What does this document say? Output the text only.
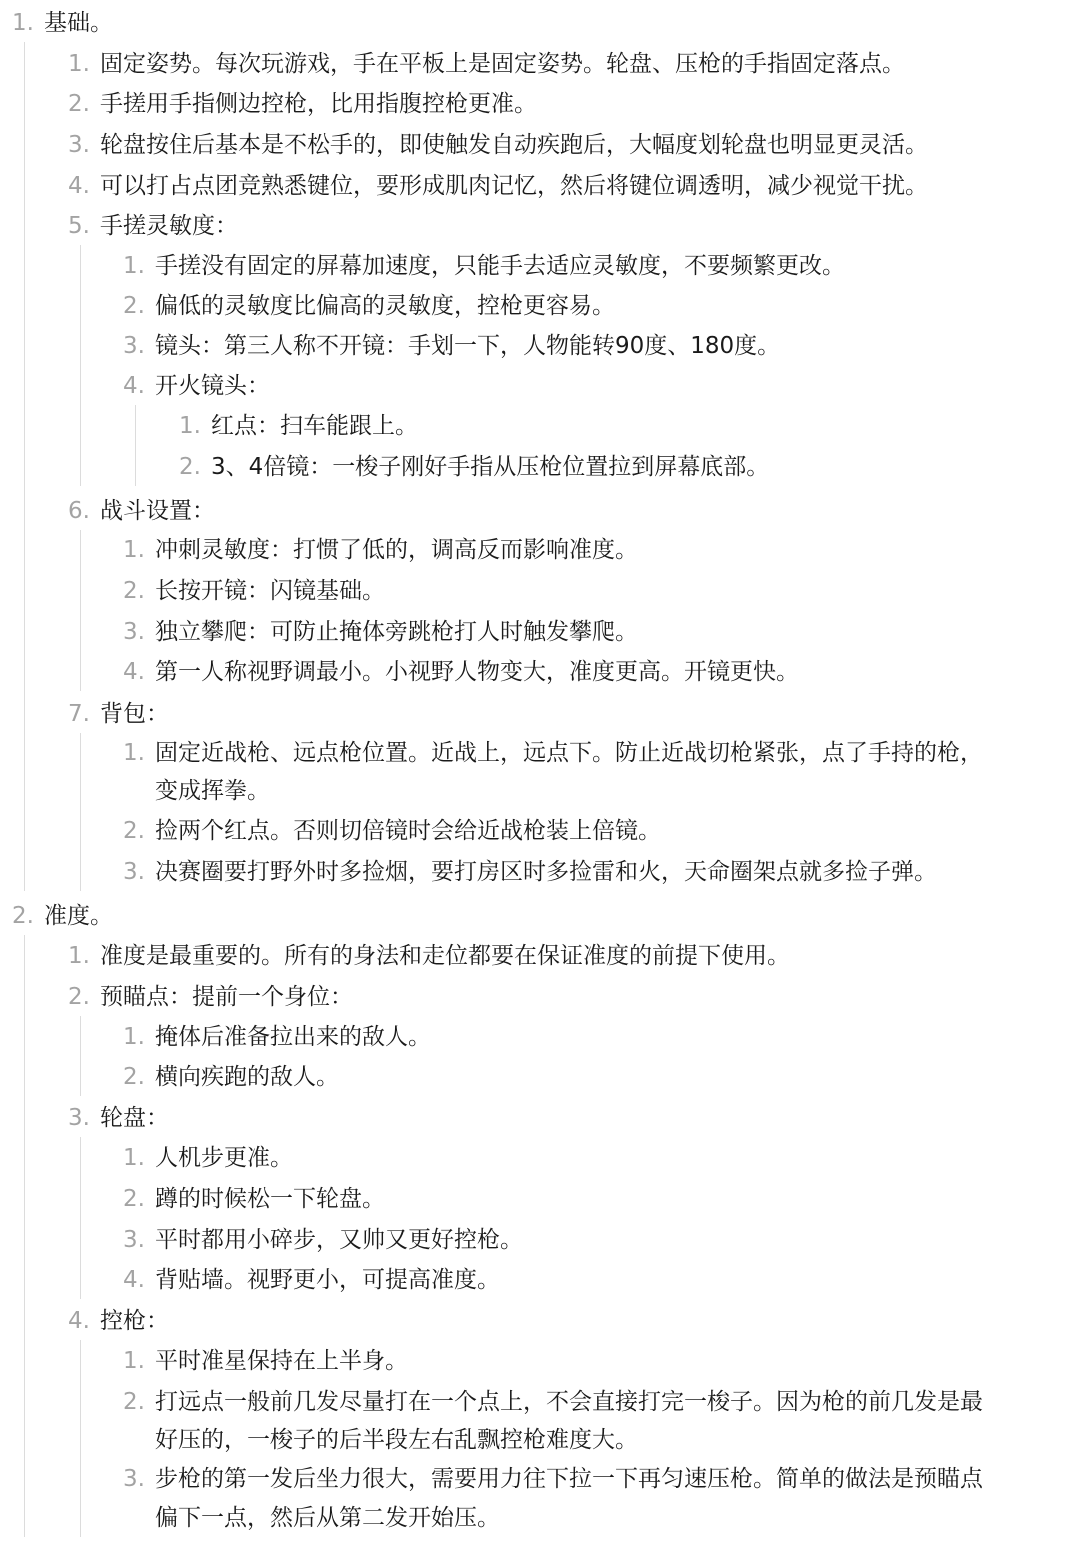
1. 基础。
1. 固定姿势。每次玩游戏，手在平板上是固定姿势。轮盘、压枪的手指固定落点。
2. 手搓用手指侧边控枪，比用指腹控枪更准。
3. 轮盘按住后基本是不松手的，即使触发自动疾跑后，大幅度划轮盘也明显更灵活。
4. 可以打占点团竞熟悉键位，要形成肌肉记忆，然后将键位调透明，减少视觉干扰。
5. 手搓灵敏度：
1. 手搓没有固定的屏幕加速度，只能手去适应灵敏度，不要频繁更改。
2. 偏低的灵敏度比偏高的灵敏度，控枪更容易。
3. 镜头：第三人称不开镜：手划一下，人物能转90度、180度。
4. 开火镜头：
1. 红点：扫车能跟上。
2. 3、4倍镜：一梭子刚好手指从压枪位置拉到屏幕底部。
6. 战斗设置：
1. 冲刺灵敏度：打惯了低的，调高反而影响准度。
2. 长按开镜：闪镜基础。
3. 独立攀爬：可防止掩体旁跳枪打人时触发攀爬。
4. 第一人称视野调最小。小视野人物变大，准度更高。开镜更快。
7. 背包：
1. 固定近战枪、远点枪位置。近战上，远点下。防止近战切枪紧张，点了手持的枪，
变成挥拳。
2. 捡两个红点。否则切倍镜时会给近战枪装上倍镜。
3. 决赛圈要打野外时多捡烟，要打房区时多捡雷和火，天命圈架点就多捡子弹。
2. 准度。
1. 准度是最重要的。所有的身法和走位都要在保证准度的前提下使用。
2. 预瞄点：提前一个身位：
1. 掩体后准备拉出来的敌人。
2. 横向疾跑的敌人。
3. 轮盘：
1. 人机步更准。
2. 蹲的时候松一下轮盘。
3. 平时都用小碎步，又帅又更好控枪。
4. 背贴墙。视野更小，可提高准度。
4. 控枪：
1. 平时准星保持在上半身。
2. 打远点一般前几发尽量打在一个点上，不会直接打完一梭子。因为枪的前几发是最
好压的，一梭子的后半段左右乱飘控枪难度大。
3. 步枪的第一发后坐力很大，需要用力往下拉一下再匀速压枪。简单的做法是预瞄点
偏下一点，然后从第二发开始压。
